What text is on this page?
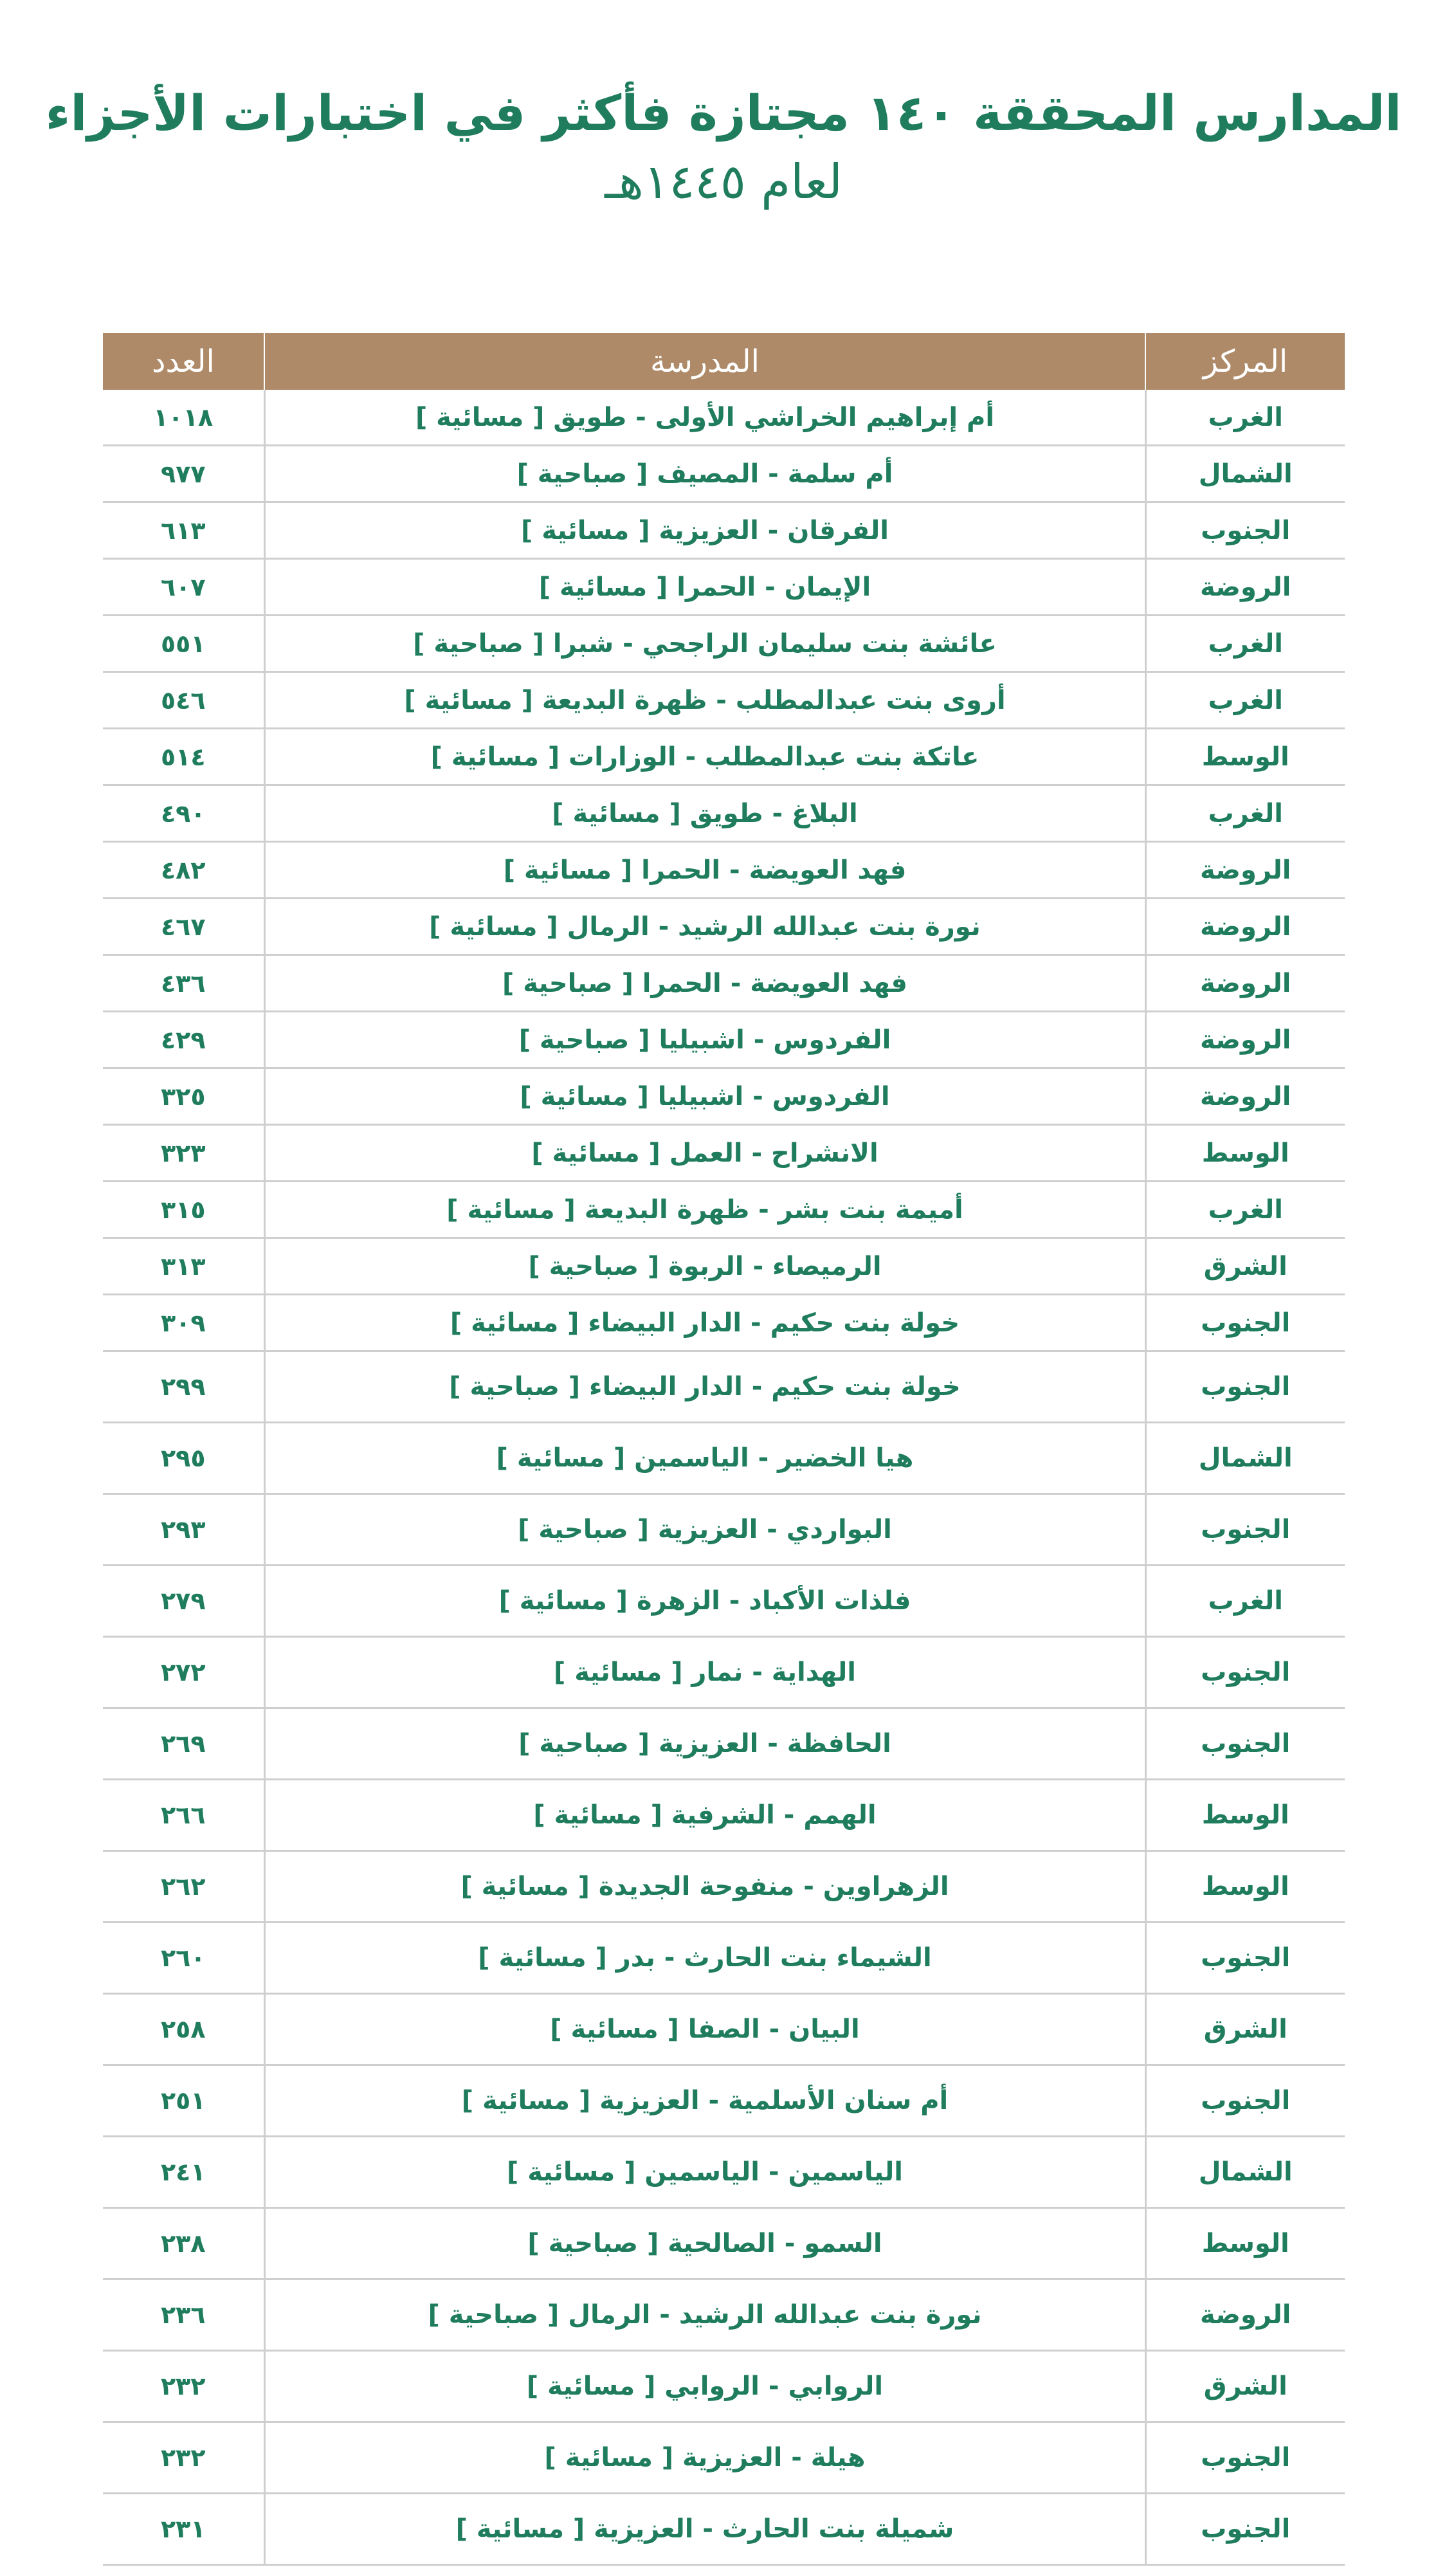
المدارس المحققة ١٤٠ مجتازة فأكثر في اختبارات الأجزاء
لعام ١٤٤٥هـ
المركز	المدرسة	العدد
الغرب	أم إبراهيم الخراشي الأولى - طويق [ مسائية ]	١٠١٨
الشمال	أم سلمة - المصيف [ صباحية ]	٩٧٧
الجنوب	الفرقان - العزيزية [ مسائية ]	٦١٣
الروضة	الإيمان - الحمرا [ مسائية ]	٦٠٧
الغرب	عائشة بنت سليمان الراجحي - شبرا [ صباحية ]	٥٥١
الغرب	أروى بنت عبدالمطلب - ظهرة البديعة [ مسائية ]	٥٤٦
الوسط	عاتكة بنت عبدالمطلب - الوزارات [ مسائية ]	٥١٤
الغرب	البلاغ - طويق [ مسائية ]	٤٩٠
الروضة	فهد العويضة - الحمرا [ مسائية ]	٤٨٢
الروضة	نورة بنت عبدالله الرشيد - الرمال [ مسائية ]	٤٦٧
الروضة	فهد العويضة - الحمرا [ صباحية ]	٤٣٦
الروضة	الفردوس - اشبيليا [ صباحية ]	٤٢٩
الروضة	الفردوس - اشبيليا [ مسائية ]	٣٢٥
الوسط	الانشراح - العمل [ مسائية ]	٣٢٣
الغرب	أميمة بنت بشر - ظهرة البديعة [ مسائية ]	٣١٥
الشرق	الرميصاء - الربوة [ صباحية ]	٣١٣
الجنوب	خولة بنت حكيم - الدار البيضاء [ مسائية ]	٣٠٩
الجنوب	خولة بنت حكيم - الدار البيضاء [ صباحية ]	٢٩٩
الشمال	هيا الخضير - الياسمين [ مسائية ]	٢٩٥
الجنوب	البواردي - العزيزية [ صباحية ]	٢٩٣
الغرب	فلذات الأكباد - الزهرة [ مسائية ]	٢٧٩
الجنوب	الهداية - نمار [ مسائية ]	٢٧٢
الجنوب	الحافظة - العزيزية [ صباحية ]	٢٦٩
الوسط	الهمم - الشرفية [ مسائية ]	٢٦٦
الوسط	الزهراوين - منفوحة الجديدة [ مسائية ]	٢٦٢
الجنوب	الشيماء بنت الحارث - بدر [ مسائية ]	٢٦٠
الشرق	البيان - الصفا [ مسائية ]	٢٥٨
الجنوب	أم سنان الأسلمية - العزيزية [ مسائية ]	٢٥١
الشمال	الياسمين - الياسمين [ مسائية ]	٢٤١
الوسط	السمو - الصالحية [ صباحية ]	٢٣٨
الروضة	نورة بنت عبدالله الرشيد - الرمال [ صباحية ]	٢٣٦
الشرق	الروابي - الروابي [ مسائية ]	٢٣٢
الجنوب	هيلة - العزيزية [ مسائية ]	٢٣٢
الجنوب	شميلة بنت الحارث - العزيزية [ مسائية ]	٢٣١
